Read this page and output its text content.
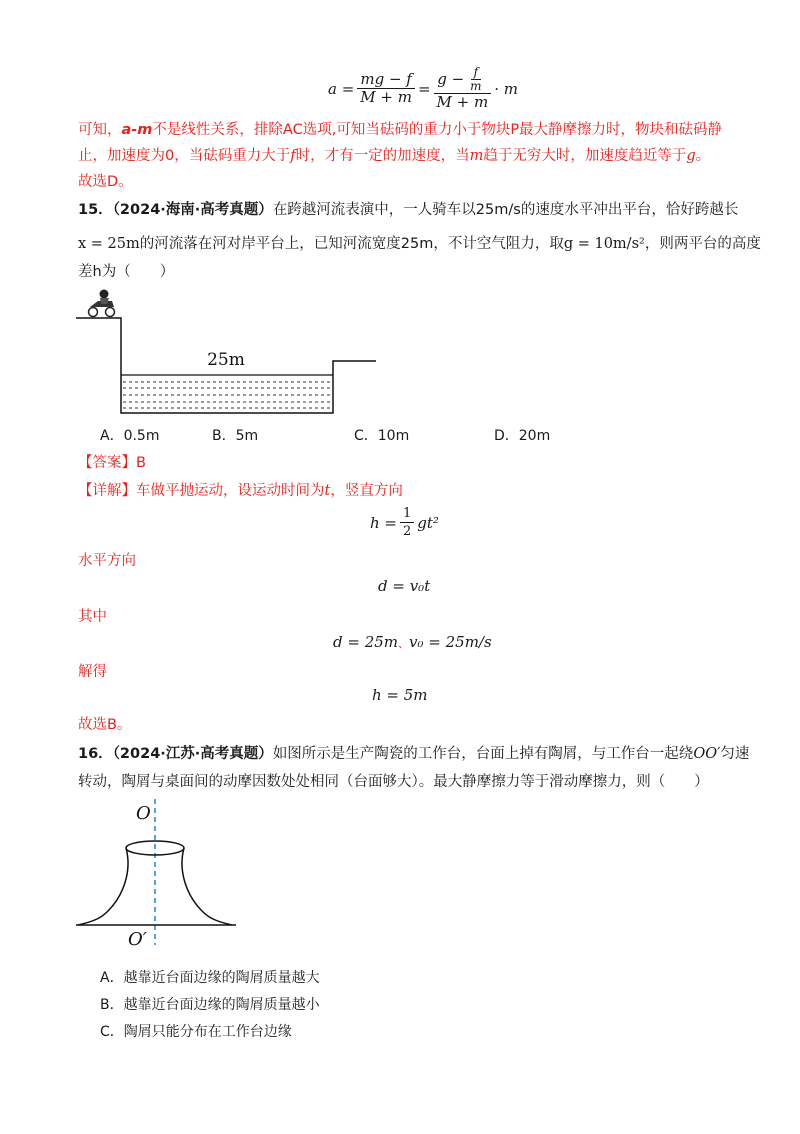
$a = \frac{mg - f}{M + m} = \frac{g - \frac{f}{m}}{M + m} \cdot m$
可知，a-m不是线性关系，排除AC选项,可知当砝码的重力小于物块P最大静摩擦力时，物块和砝码静
止，加速度为0，当砝码重力大于f时，才有一定的加速度，当m趋于无穷大时，加速度趋近等于g。
故选D。
15．（2024·海南·高考真题）在跨越河流表演中，一人骑车以25m/s的速度水平冲出平台，恰好跨越长
x = 25m的河流落在河对岸平台上，已知河流宽度25m，不计空气阻力，取g = 10m/s²，则两平台的高度
差h为（　　）
25m
A．0.5m	B．5m	C．10m	D．20m
【答案】B
【详解】车做平抛运动，设运动时间为t，竖直方向
$h = \frac{1}{2} gt^2$
水平方向
d = v₀t
其中
d = 25m、v₀ = 25m/s
解得
h = 5m
故选B。
16．（2024·江苏·高考真题）如图所示是生产陶瓷的工作台，台面上掉有陶屑，与工作台一起绕OO′匀速
转动，陶屑与桌面间的动摩因数处处相同（台面够大）。最大静摩擦力等于滑动摩擦力，则（　　）
O
O′
A．越靠近台面边缘的陶屑质量越大
B．越靠近台面边缘的陶屑质量越小
C．陶屑只能分布在工作台边缘
